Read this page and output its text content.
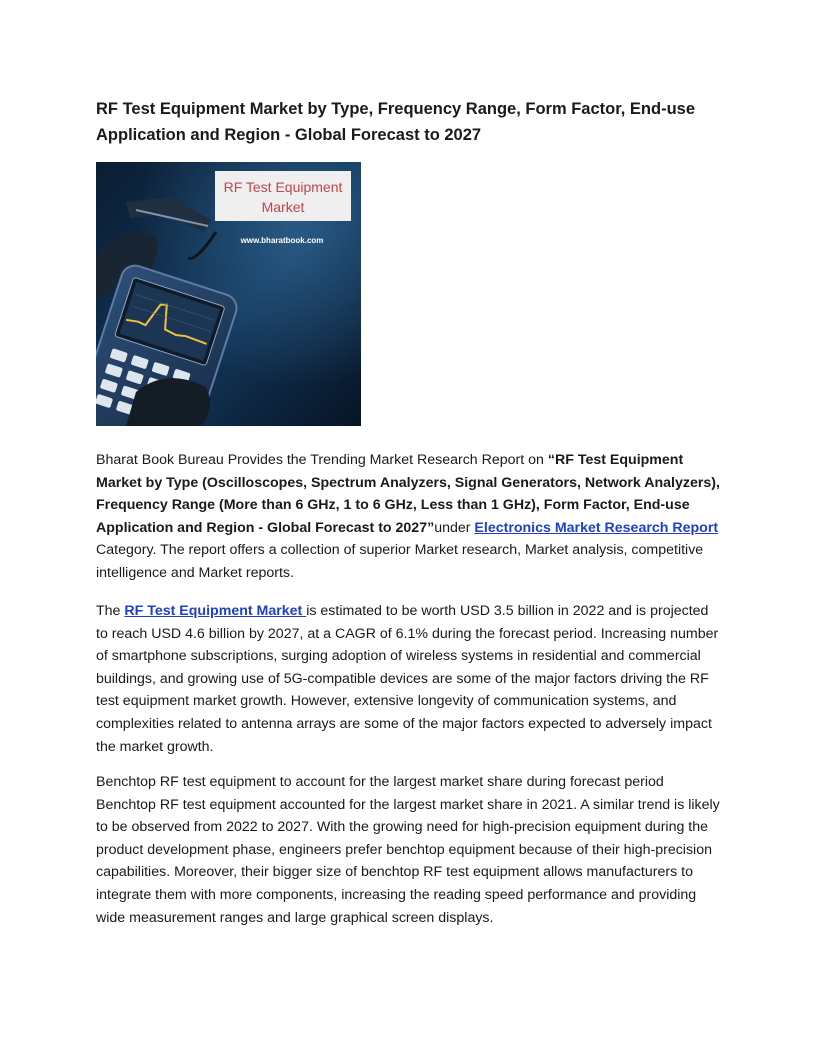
RF Test Equipment Market by Type, Frequency Range, Form Factor, End-use Application and Region - Global Forecast to 2027
RF Test Equipment
Market
www.bharatbook.com

Bharat Book Bureau Provides the Trending Market Research Report on “RF Test Equipment Market by Type (Oscilloscopes, Spectrum Analyzers, Signal Generators, Network Analyzers), Frequency Range (More than 6 GHz, 1 to 6 GHz, Less than 1 GHz), Form Factor, End-use Application and Region - Global Forecast to 2027”under Electronics Market Research Report Category. The report offers a collection of superior Market research, Market analysis, competitive intelligence and Market reports.

The RF Test Equipment Market is estimated to be worth USD 3.5 billion in 2022 and is projected to reach USD 4.6 billion by 2027, at a CAGR of 6.1% during the forecast period. Increasing number of smartphone subscriptions, surging adoption of wireless systems in residential and commercial buildings, and growing use of 5G-compatible devices are some of the major factors driving the RF test equipment market growth. However, extensive longevity of communication systems, and complexities related to antenna arrays are some of the major factors expected to adversely impact the market growth.

Benchtop RF test equipment to account for the largest market share during forecast period Benchtop RF test equipment accounted for the largest market share in 2021. A similar trend is likely to be observed from 2022 to 2027. With the growing need for high-precision equipment during the product development phase, engineers prefer benchtop equipment because of their high-precision capabilities. Moreover, their bigger size of benchtop RF test equipment allows manufacturers to integrate them with more components, increasing the reading speed performance and providing wide measurement ranges and large graphical screen displays.
